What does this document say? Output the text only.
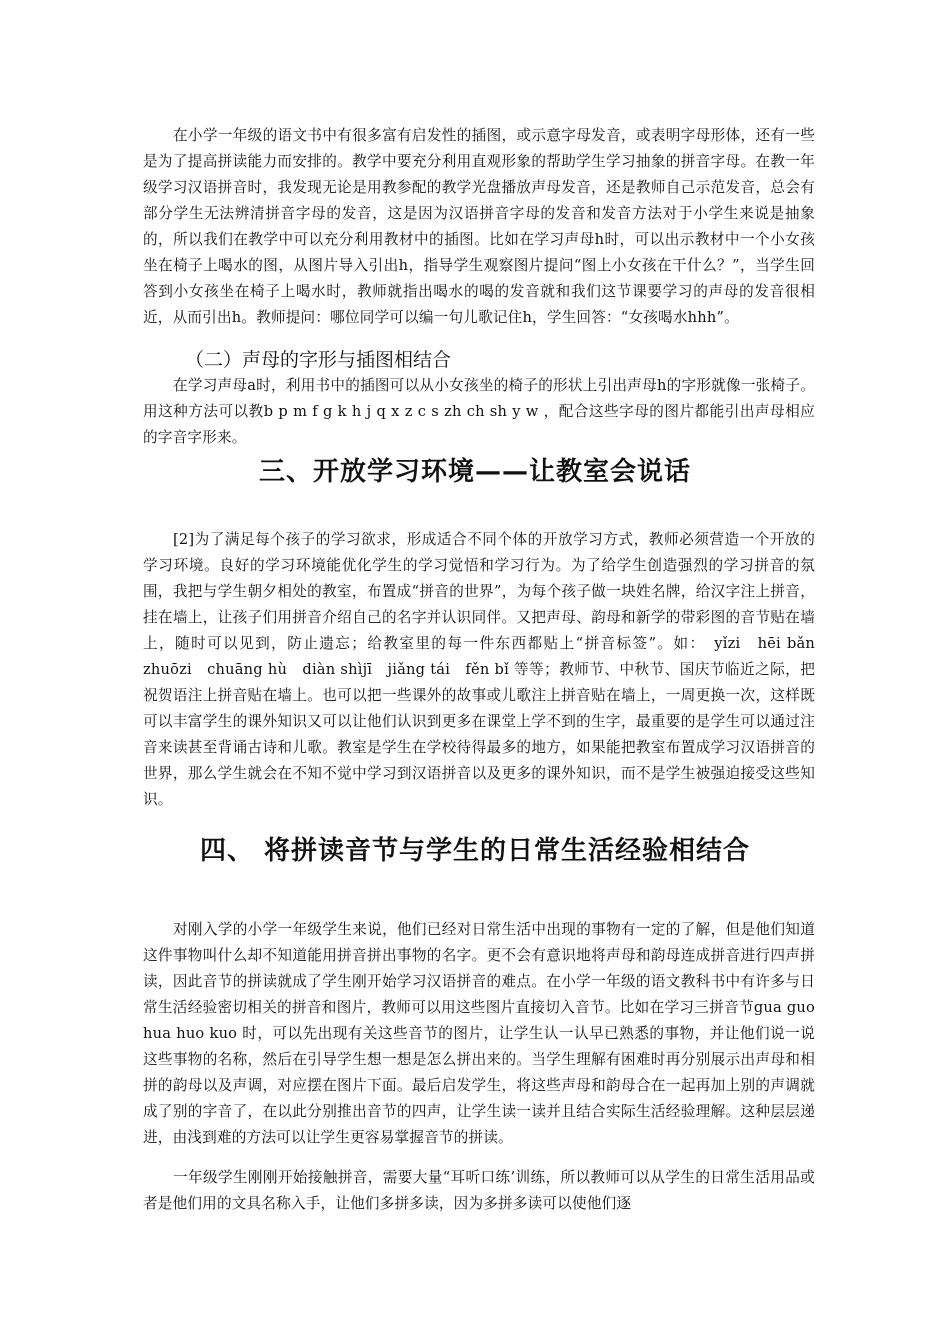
在小学一年级的语文书中有很多富有启发性的插图，或示意字母发音，或表明字母形体，还有一些是为了提高拼读能力而安排的。教学中要充分利用直观形象的帮助学生学习抽象的拼音字母。在教一年级学习汉语拼音时，我发现无论是用教参配的教学光盘播放声母发音，还是教师自己示范发音，总会有部分学生无法辨清拼音字母的发音，这是因为汉语拼音字母的发音和发音方法对于小学生来说是抽象的，所以我们在教学中可以充分利用教材中的插图。比如在学习声母h时，可以出示教材中一个小女孩坐在椅子上喝水的图，从图片导入引出h，指导学生观察图片提问“图上小女孩在干什么？”，当学生回答到小女孩坐在椅子上喝水时，教师就指出喝水的喝的发音就和我们这节课要学习的声母的发音很相近，从而引出h。教师提问：哪位同学可以编一句儿歌记住h，学生回答：“女孩喝水hhh”。

（二）声母的字形与插图相结合

在学习声母a时，利用书中的插图可以从小女孩坐的椅子的形状上引出声母h的字形就像一张椅子。用这种方法可以教b p m f g k h j q x z c s zh ch sh y w ，配合这些字母的图片都能引出声母相应的字音字形来。

三、开放学习环境——让教室会说话

[2]为了满足每个孩子的学习欲求，形成适合不同个体的开放学习方式，教师必须营造一个开放的学习环境。良好的学习环境能优化学生的学习觉悟和学习行为。为了给学生创造强烈的学习拼音的氛围，我把与学生朝夕相处的教室，布置成“拼音的世界”，为每个孩子做一块姓名牌，给汉字注上拼音，挂在墙上，让孩子们用拼音介绍自己的名字并认识同伴。又把声母、韵母和新学的带彩图的音节贴在墙上，随时可以见到，防止遗忘；给教室里的每一件东西都贴上“拼音标签”。如：　yǐzi　hēi bǎn　　zhuōzi　chuāng hù　diàn shìjī　jiǎng tái　fěn bǐ 等等；教师节、中秋节、国庆节临近之际，把祝贺语注上拼音贴在墙上。也可以把一些课外的故事或儿歌注上拼音贴在墙上，一周更换一次，这样既可以丰富学生的课外知识又可以让他们认识到更多在课堂上学不到的生字，最重要的是学生可以通过注音来读甚至背诵古诗和儿歌。教室是学生在学校待得最多的地方，如果能把教室布置成学习汉语拼音的世界，那么学生就会在不知不觉中学习到汉语拼音以及更多的课外知识，而不是学生被强迫接受这些知识。

四、 将拼读音节与学生的日常生活经验相结合

对刚入学的小学一年级学生来说，他们已经对日常生活中出现的事物有一定的了解，但是他们知道这件事物叫什么却不知道能用拼音拼出事物的名字。更不会有意识地将声母和韵母连成拼音进行四声拼读，因此音节的拼读就成了学生刚开始学习汉语拼音的难点。在小学一年级的语文教科书中有许多与日常生活经验密切相关的拼音和图片，教师可以用这些图片直接切入音节。比如在学习三拼音节gua guo hua huo kuo 时，可以先出现有关这些音节的图片，让学生认一认早已熟悉的事物，并让他们说一说这些事物的名称，然后在引导学生想一想是怎么拼出来的。当学生理解有困难时再分别展示出声母和相拼的韵母以及声调，对应摆在图片下面。最后启发学生，将这些声母和韵母合在一起再加上别的声调就成了别的字音了，在以此分别推出音节的四声，让学生读一读并且结合实际生活经验理解。这种层层递进，由浅到难的方法可以让学生更容易掌握音节的拼读。

一年级学生刚刚开始接触拼音，需要大量“耳听口练’训练，所以教师可以从学生的日常生活用品或者是他们用的文具名称入手，让他们多拼多读，因为多拼多读可以使他们逐
